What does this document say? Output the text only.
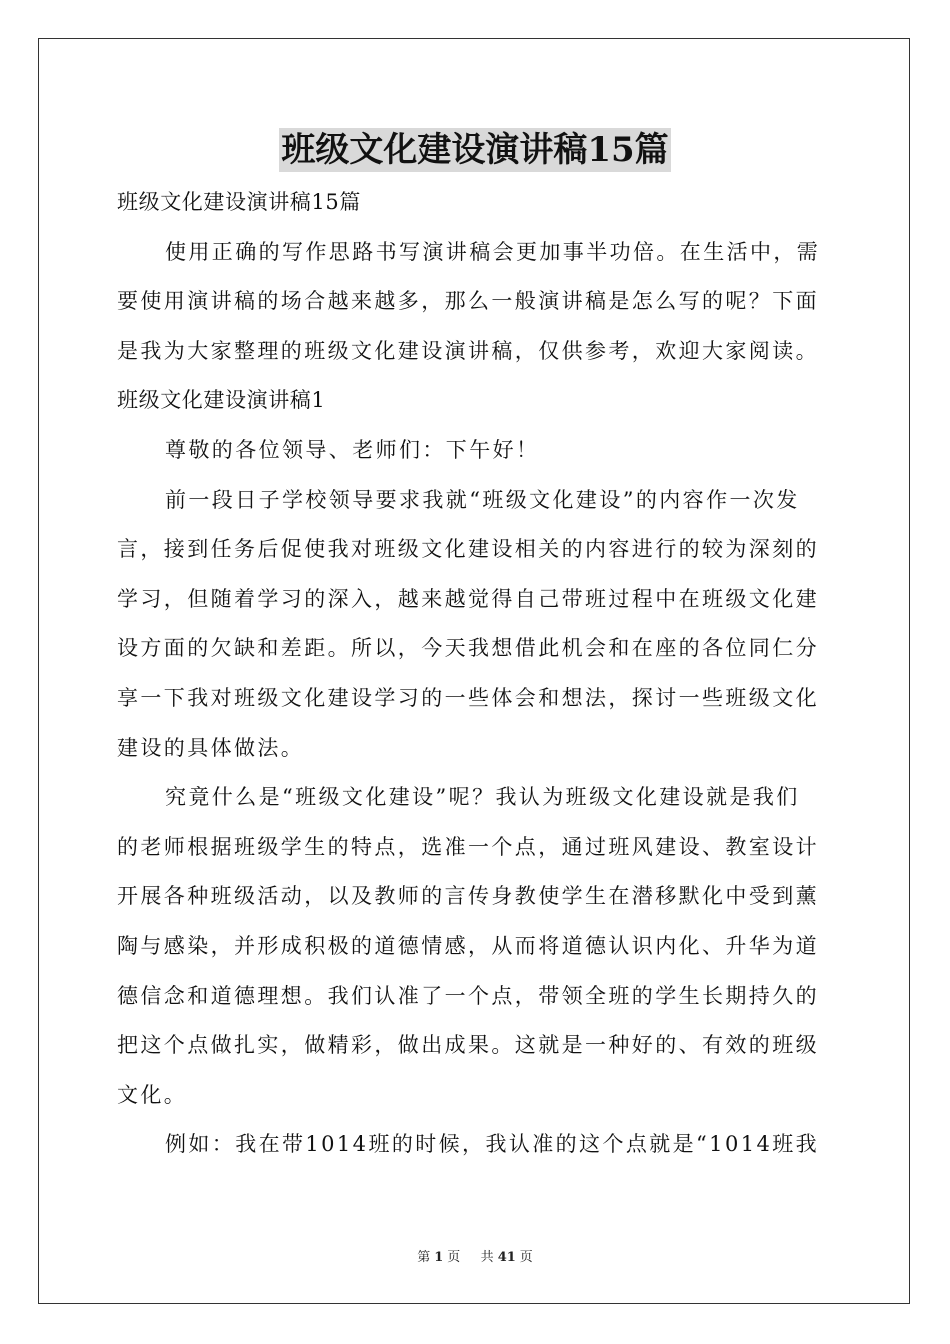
班级文化建设演讲稿15篇
班级文化建设演讲稿15篇
使用正确的写作思路书写演讲稿会更加事半功倍。在生活中，需
要使用演讲稿的场合越来越多，那么一般演讲稿是怎么写的呢？下面
是我为大家整理的班级文化建设演讲稿，仅供参考，欢迎大家阅读。
班级文化建设演讲稿1
尊敬的各位领导、老师们：下午好！
前一段日子学校领导要求我就“班级文化建设”的内容作一次发
言，接到任务后促使我对班级文化建设相关的内容进行的较为深刻的
学习，但随着学习的深入，越来越觉得自己带班过程中在班级文化建
设方面的欠缺和差距。所以，今天我想借此机会和在座的各位同仁分
享一下我对班级文化建设学习的一些体会和想法，探讨一些班级文化
建设的具体做法。
究竟什么是“班级文化建设”呢？我认为班级文化建设就是我们
的老师根据班级学生的特点，选准一个点，通过班风建设、教室设计
开展各种班级活动，以及教师的言传身教使学生在潜移默化中受到薰
陶与感染，并形成积极的道德情感，从而将道德认识内化、升华为道
德信念和道德理想。我们认准了一个点，带领全班的学生长期持久的
把这个点做扎实，做精彩，做出成果。这就是一种好的、有效的班级
文化。
例如：我在带1014班的时候，我认准的这个点就是“1014班我
第 1 页 共 41 页
